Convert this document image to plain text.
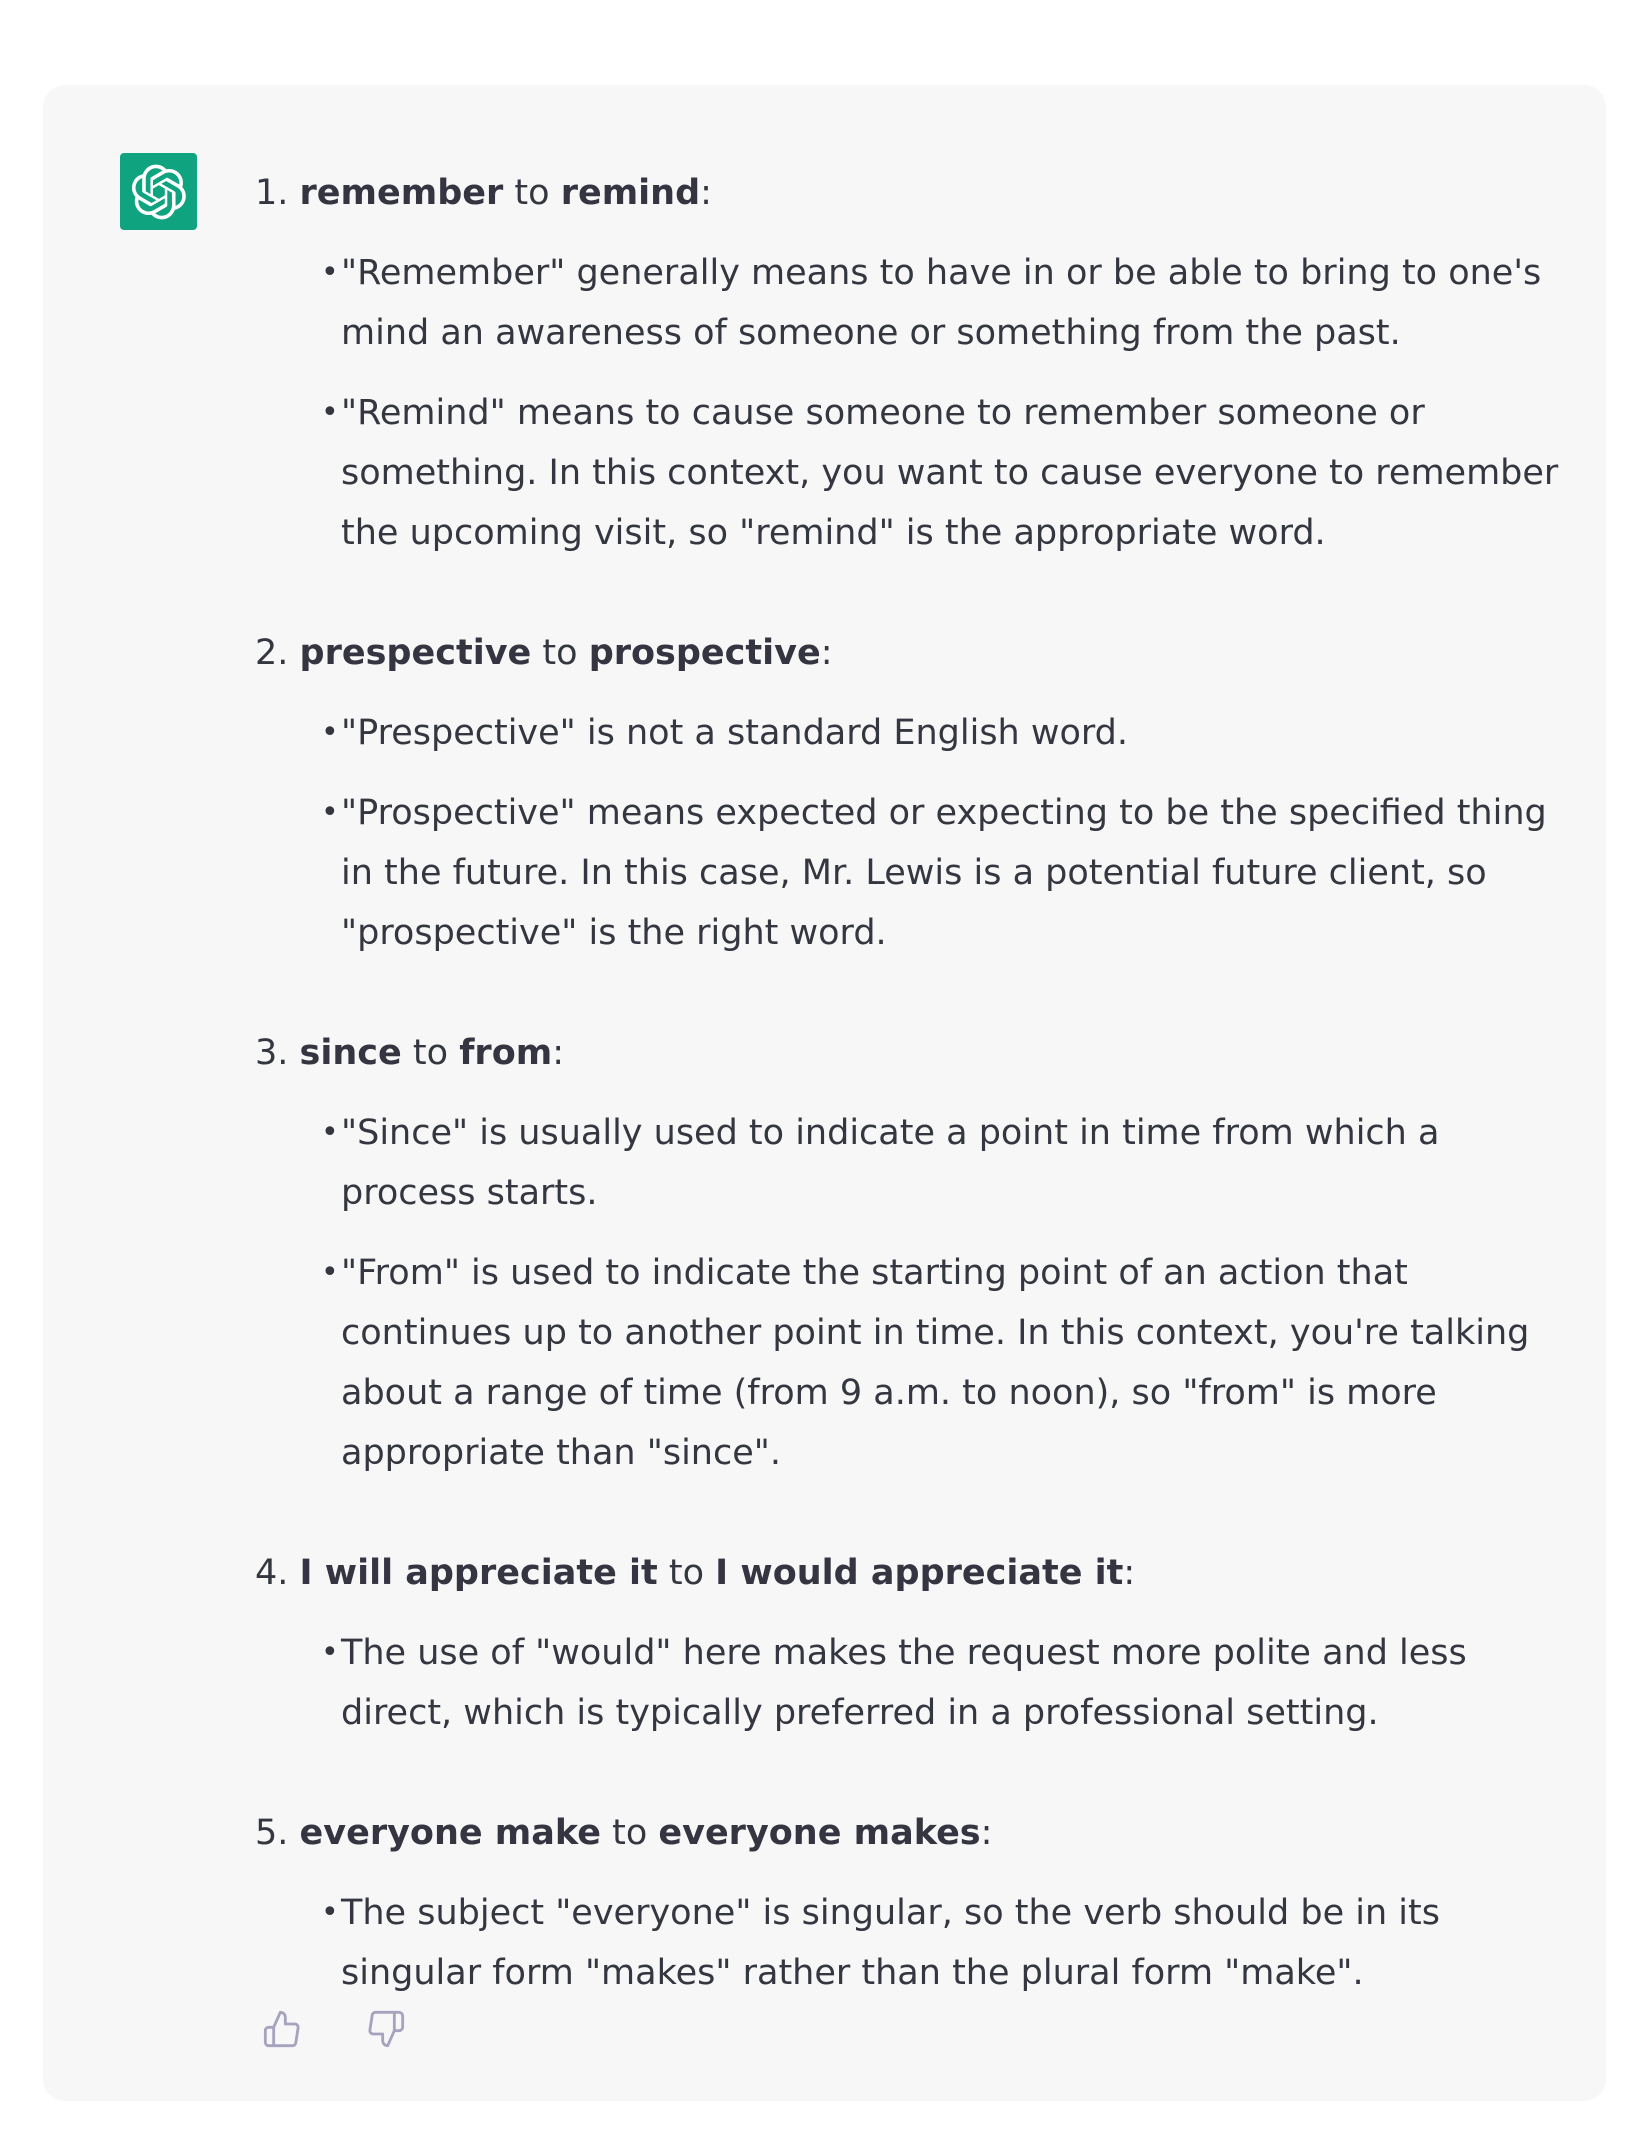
1. remember to remind:
• "Remember" generally means to have in or be able to bring to one's mind an awareness of someone or something from the past.
• "Remind" means to cause someone to remember someone or something. In this context, you want to cause everyone to remember the upcoming visit, so "remind" is the appropriate word.
2. prespective to prospective:
• "Prespective" is not a standard English word.
• "Prospective" means expected or expecting to be the specified thing in the future. In this case, Mr. Lewis is a potential future client, so "prospective" is the right word.
3. since to from:
• "Since" is usually used to indicate a point in time from which a process starts.
• "From" is used to indicate the starting point of an action that continues up to another point in time. In this context, you're talking about a range of time (from 9 a.m. to noon), so "from" is more appropriate than "since".
4. I will appreciate it to I would appreciate it:
• The use of "would" here makes the request more polite and less direct, which is typically preferred in a professional setting.
5. everyone make to everyone makes:
• The subject "everyone" is singular, so the verb should be in its singular form "makes" rather than the plural form "make".
